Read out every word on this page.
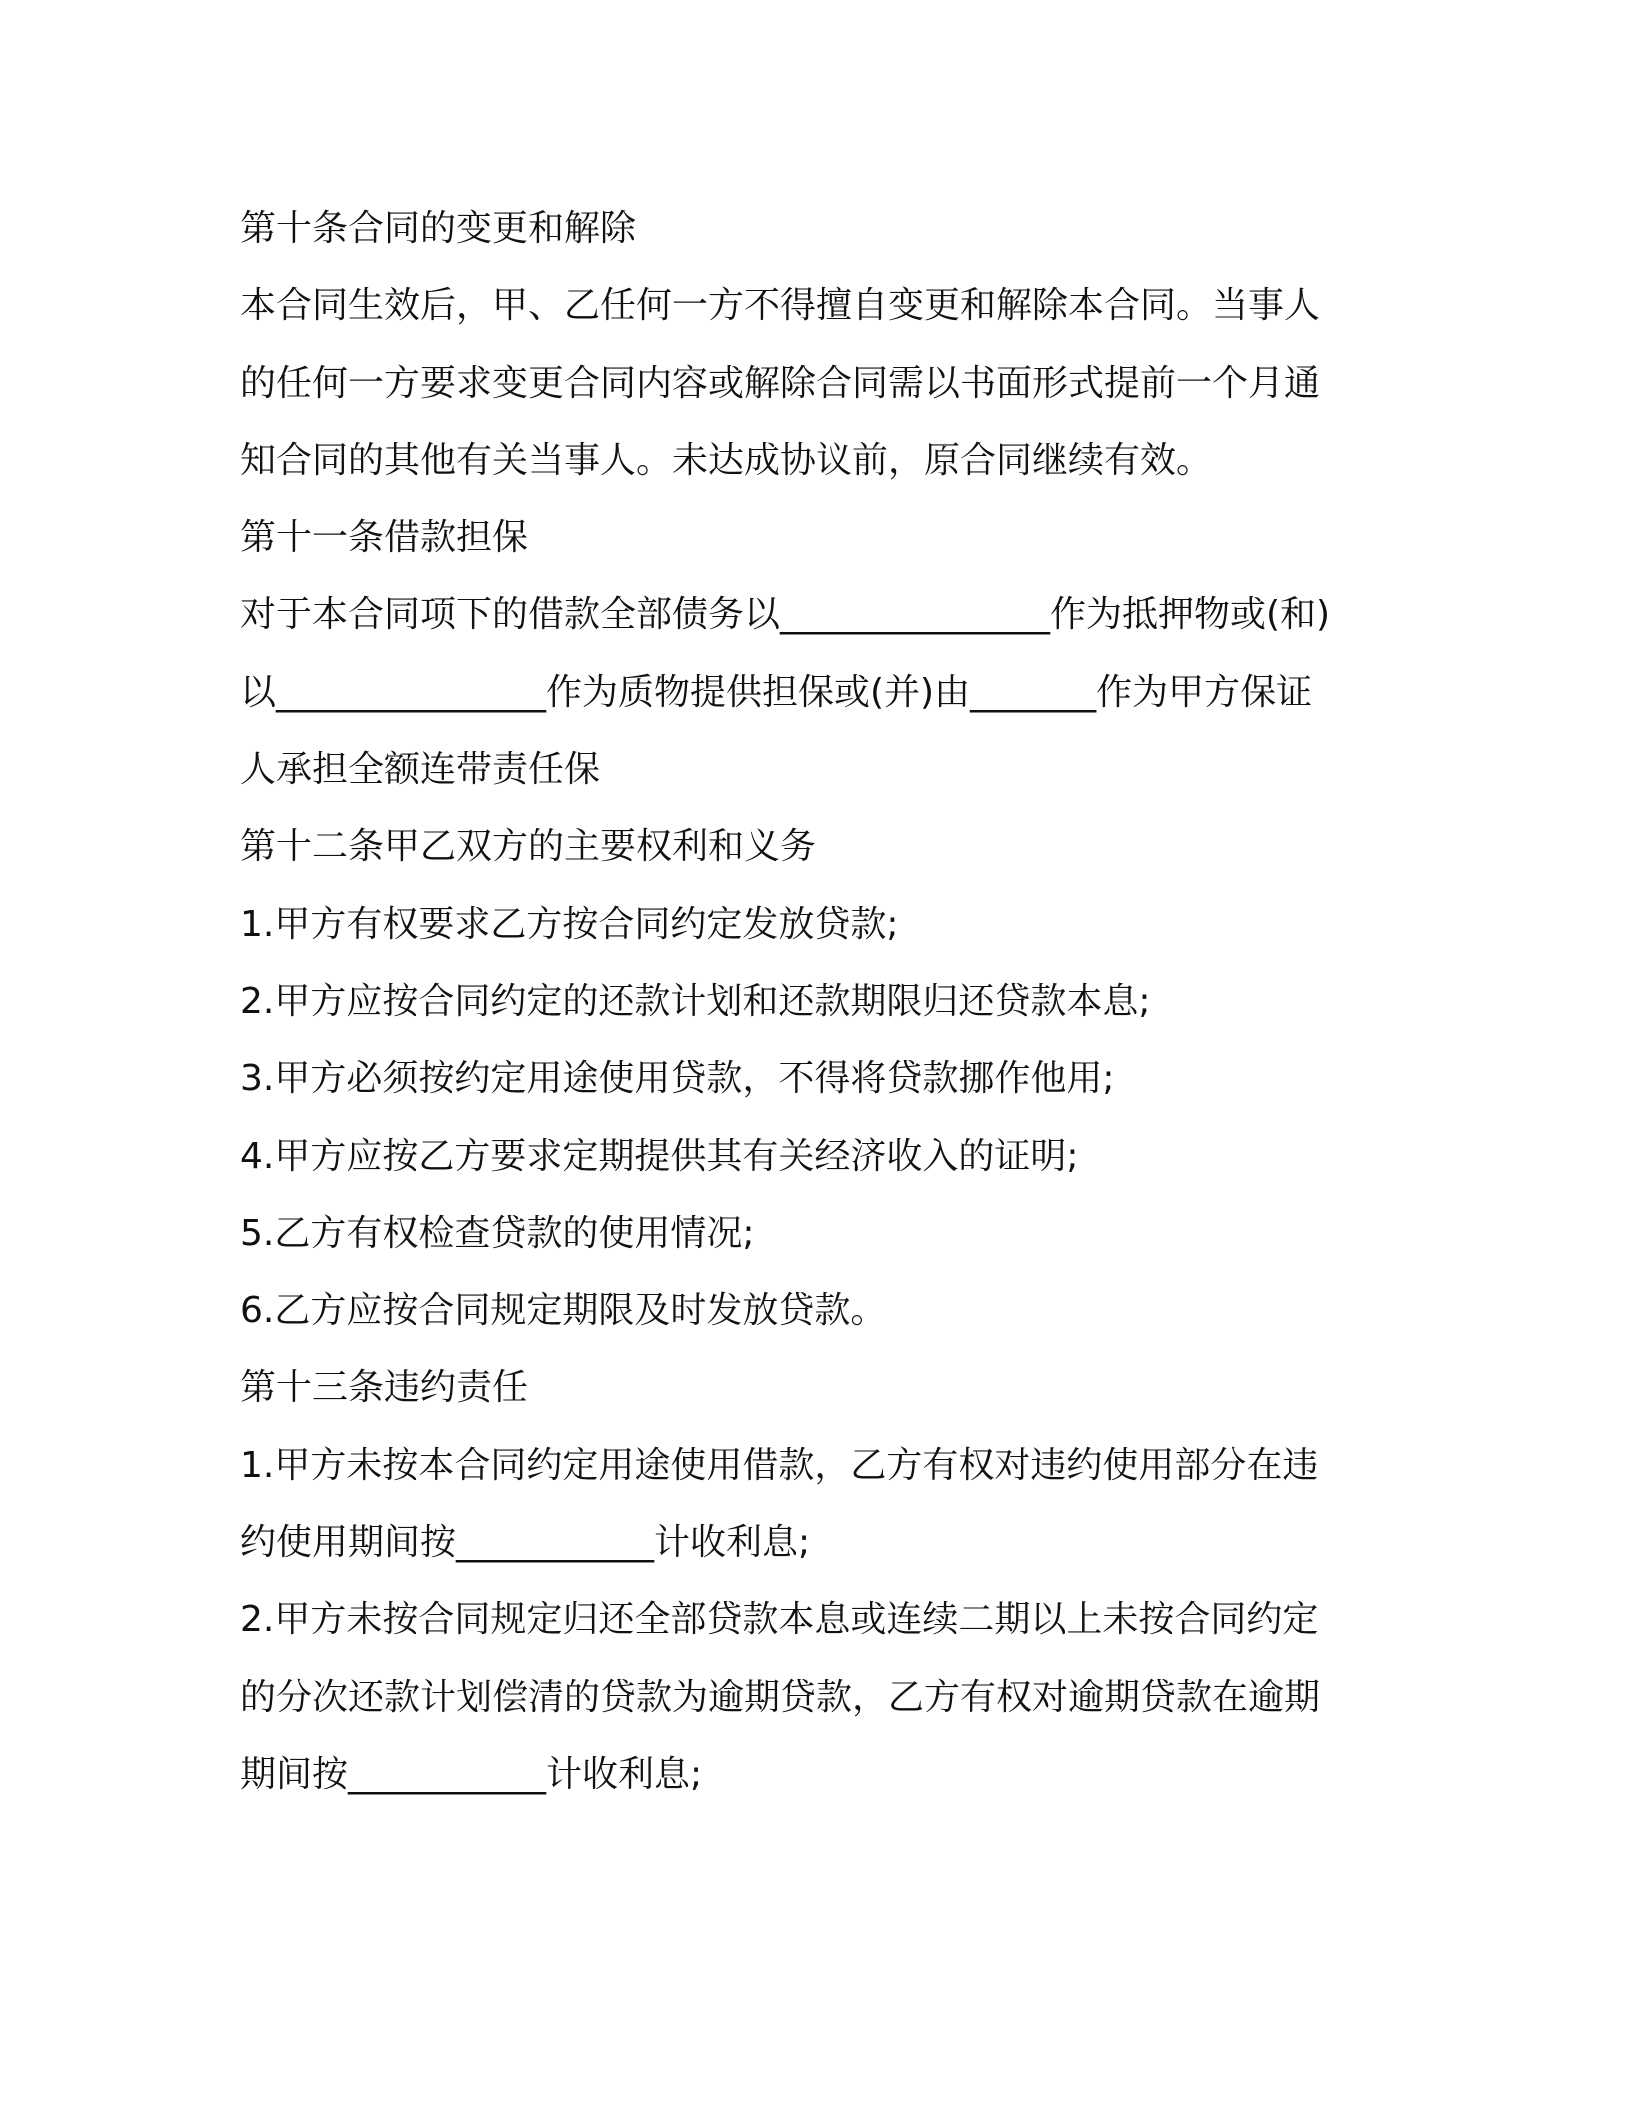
第十条合同的变更和解除

本合同生效后，甲、乙任何一方不得擅自变更和解除本合同。当事人

的任何一方要求变更合同内容或解除合同需以书面形式提前一个月通

知合同的其他有关当事人。未达成协议前，原合同继续有效。

第十一条借款担保

对于本合同项下的借款全部债务以_______________作为抵押物或(和)

以_______________作为质物提供担保或(并)由_______作为甲方保证

人承担全额连带责任保

第十二条甲乙双方的主要权利和义务

1.甲方有权要求乙方按合同约定发放贷款;

2.甲方应按合同约定的还款计划和还款期限归还贷款本息;

3.甲方必须按约定用途使用贷款，不得将贷款挪作他用;

4.甲方应按乙方要求定期提供其有关经济收入的证明;

5.乙方有权检查贷款的使用情况;

6.乙方应按合同规定期限及时发放贷款。

第十三条违约责任

1.甲方未按本合同约定用途使用借款，乙方有权对违约使用部分在违

约使用期间按___________计收利息;

2.甲方未按合同规定归还全部贷款本息或连续二期以上未按合同约定

的分次还款计划偿清的贷款为逾期贷款，乙方有权对逾期贷款在逾期

期间按___________计收利息;
